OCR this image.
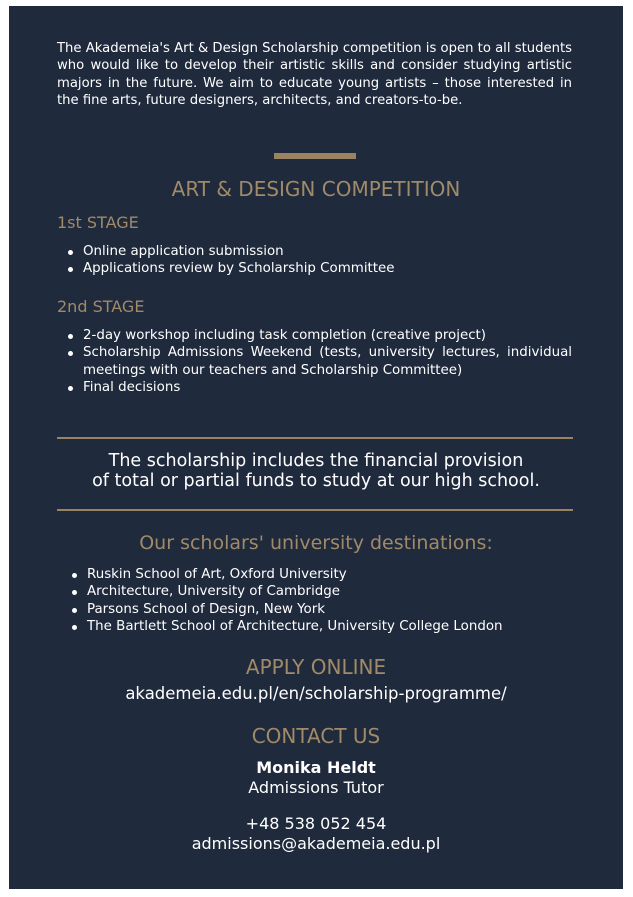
The Akademeia's Art & Design Scholarship competition is open to all students who would like to develop their artistic skills and consider studying artistic majors in the future. We aim to educate young artists – those interested in the fine arts, future designers, architects, and creators-to-be.

ART & DESIGN COMPETITION
1st STAGE
Online application submission
Applications review by Scholarship Committee
2nd STAGE
2-day workshop including task completion (creative project)
Scholarship Admissions Weekend (tests, university lectures, individual meetings with our teachers and Scholarship Committee)
Final decisions
The scholarship includes the financial provision
of total or partial funds to study at our high school.
Our scholars' university destinations:
Ruskin School of Art, Oxford University
Architecture, University of Cambridge
Parsons School of Design, New York
The Bartlett School of Architecture, University College London
APPLY ONLINE
akademeia.edu.pl/en/scholarship-programme/
CONTACT US
Monika Heldt
Admissions Tutor
+48 538 052 454
admissions@akademeia.edu.pl
